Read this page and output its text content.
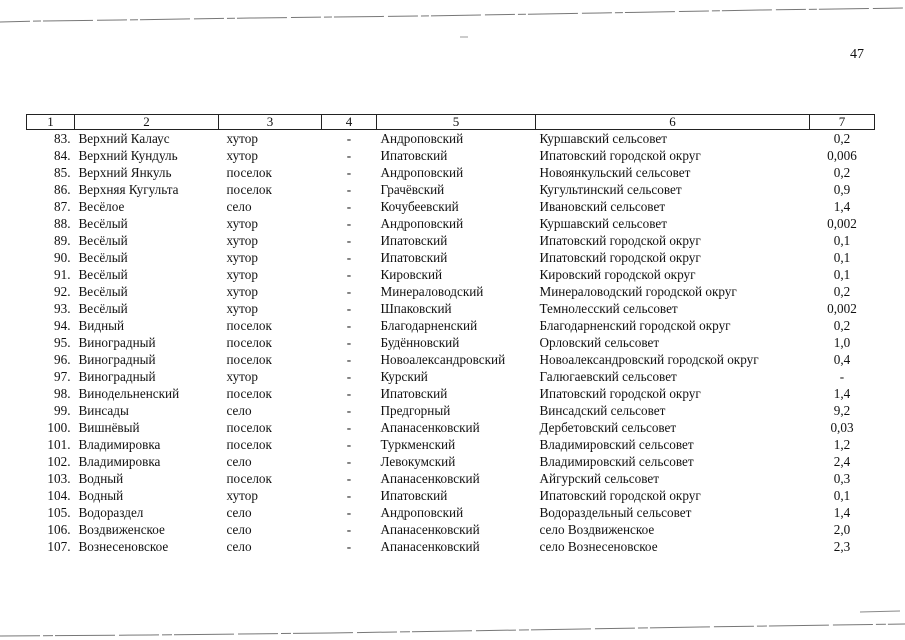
47
1	2	3	4	5	6	7
83.	Верхний Калаус	хутор	-	Андроповский	Куршавский сельсовет	0,2
84.	Верхний Кундуль	хутор	-	Ипатовский	Ипатовский городской округ	0,006
85.	Верхний Янкуль	поселок	-	Андроповский	Новоянкульский сельсовет	0,2
86.	Верхняя Кугульта	поселок	-	Грачёвский	Кугультинский сельсовет	0,9
87.	Весёлое	село	-	Кочубеевский	Ивановский сельсовет	1,4
88.	Весёлый	хутор	-	Андроповский	Куршавский сельсовет	0,002
89.	Весёлый	хутор	-	Ипатовский	Ипатовский городской округ	0,1
90.	Весёлый	хутор	-	Ипатовский	Ипатовский городской округ	0,1
91.	Весёлый	хутор	-	Кировский	Кировский городской округ	0,1
92.	Весёлый	хутор	-	Минераловодский	Минераловодский городской округ	0,2
93.	Весёлый	хутор	-	Шпаковский	Темнолесский сельсовет	0,002
94.	Видный	поселок	-	Благодарненский	Благодарненский городской округ	0,2
95.	Виноградный	поселок	-	Будённовский	Орловский сельсовет	1,0
96.	Виноградный	поселок	-	Новоалександровский	Новоалександровский городской округ	0,4
97.	Виноградный	хутор	-	Курский	Галюгаевский сельсовет	-
98.	Винодельненский	поселок	-	Ипатовский	Ипатовский городской округ	1,4
99.	Винсады	село	-	Предгорный	Винсадский сельсовет	9,2
100.	Вишнёвый	поселок	-	Апанасенковский	Дербетовский сельсовет	0,03
101.	Владимировка	поселок	-	Туркменский	Владимировский сельсовет	1,2
102.	Владимировка	село	-	Левокумский	Владимировский сельсовет	2,4
103.	Водный	поселок	-	Апанасенковский	Айгурский сельсовет	0,3
104.	Водный	хутор	-	Ипатовский	Ипатовский городской округ	0,1
105.	Водораздел	село	-	Андроповский	Водораздельный сельсовет	1,4
106.	Воздвиженское	село	-	Апанасенковский	село Воздвиженское	2,0
107.	Вознесеновское	село	-	Апанасенковский	село Вознесеновское	2,3
